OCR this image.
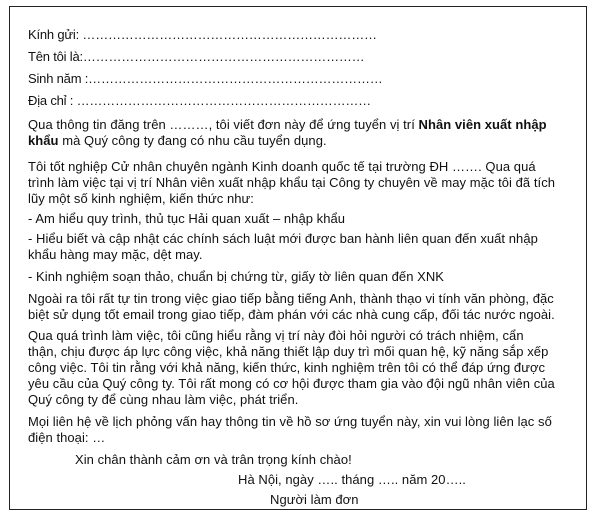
Kính gửi: ……………………………………………………………
Tên tôi là:…………………………………………………………
Sinh năm :……………………………………………………………
Địa chỉ : ……………………………………………………………
Qua thông tin đăng trên ………, tôi viết đơn này để ứng tuyển vị trí Nhân viên xuất nhập
khẩu mà Quý công ty đang có nhu cầu tuyển dụng.
Tôi tốt nghiệp Cử nhân chuyên ngành Kinh doanh quốc tế tại trường ĐH ……. Qua quá
trình làm việc tại vị trí Nhân viên xuất nhập khẩu tại Công ty chuyên về may mặc tôi đã tích
lũy một số kinh nghiệm, kiến thức như:
- Am hiểu quy trình, thủ tục Hải quan xuất – nhập khẩu
- Hiểu biết và cập nhật các chính sách luật mới được ban hành liên quan đến xuất nhập
khẩu hàng may mặc, dệt may.
- Kinh nghiệm soạn thảo, chuẩn bị chứng từ, giấy tờ liên quan đến XNK
Ngoài ra tôi rất tự tin trong việc giao tiếp bằng tiếng Anh, thành thạo vi tính văn phòng, đặc
biệt sử dụng tốt email trong giao tiếp, đàm phán với các nhà cung cấp, đối tác nước ngoài.
Qua quá trình làm việc, tôi cũng hiểu rằng vị trí này đòi hỏi người có trách nhiệm, cẩn
thận, chịu được áp lực công việc, khả năng thiết lập duy trì mối quan hệ, kỹ năng sắp xếp
công việc. Tôi tin rằng với khả năng, kiến thức, kinh nghiệm trên tôi có thể đáp ứng được
yêu cầu của Quý công ty. Tôi rất mong có cơ hội được tham gia vào đội ngũ nhân viên của
Quý công ty để cùng nhau làm việc, phát triển.
Mọi liên hệ về lịch phỏng vấn hay thông tin về hồ sơ ứng tuyển này, xin vui lòng liên lạc số
điện thoại: …
Xin chân thành cảm ơn và trân trọng kính chào!
Hà Nội, ngày ….. tháng ….. năm 20…..
Người làm đơn
